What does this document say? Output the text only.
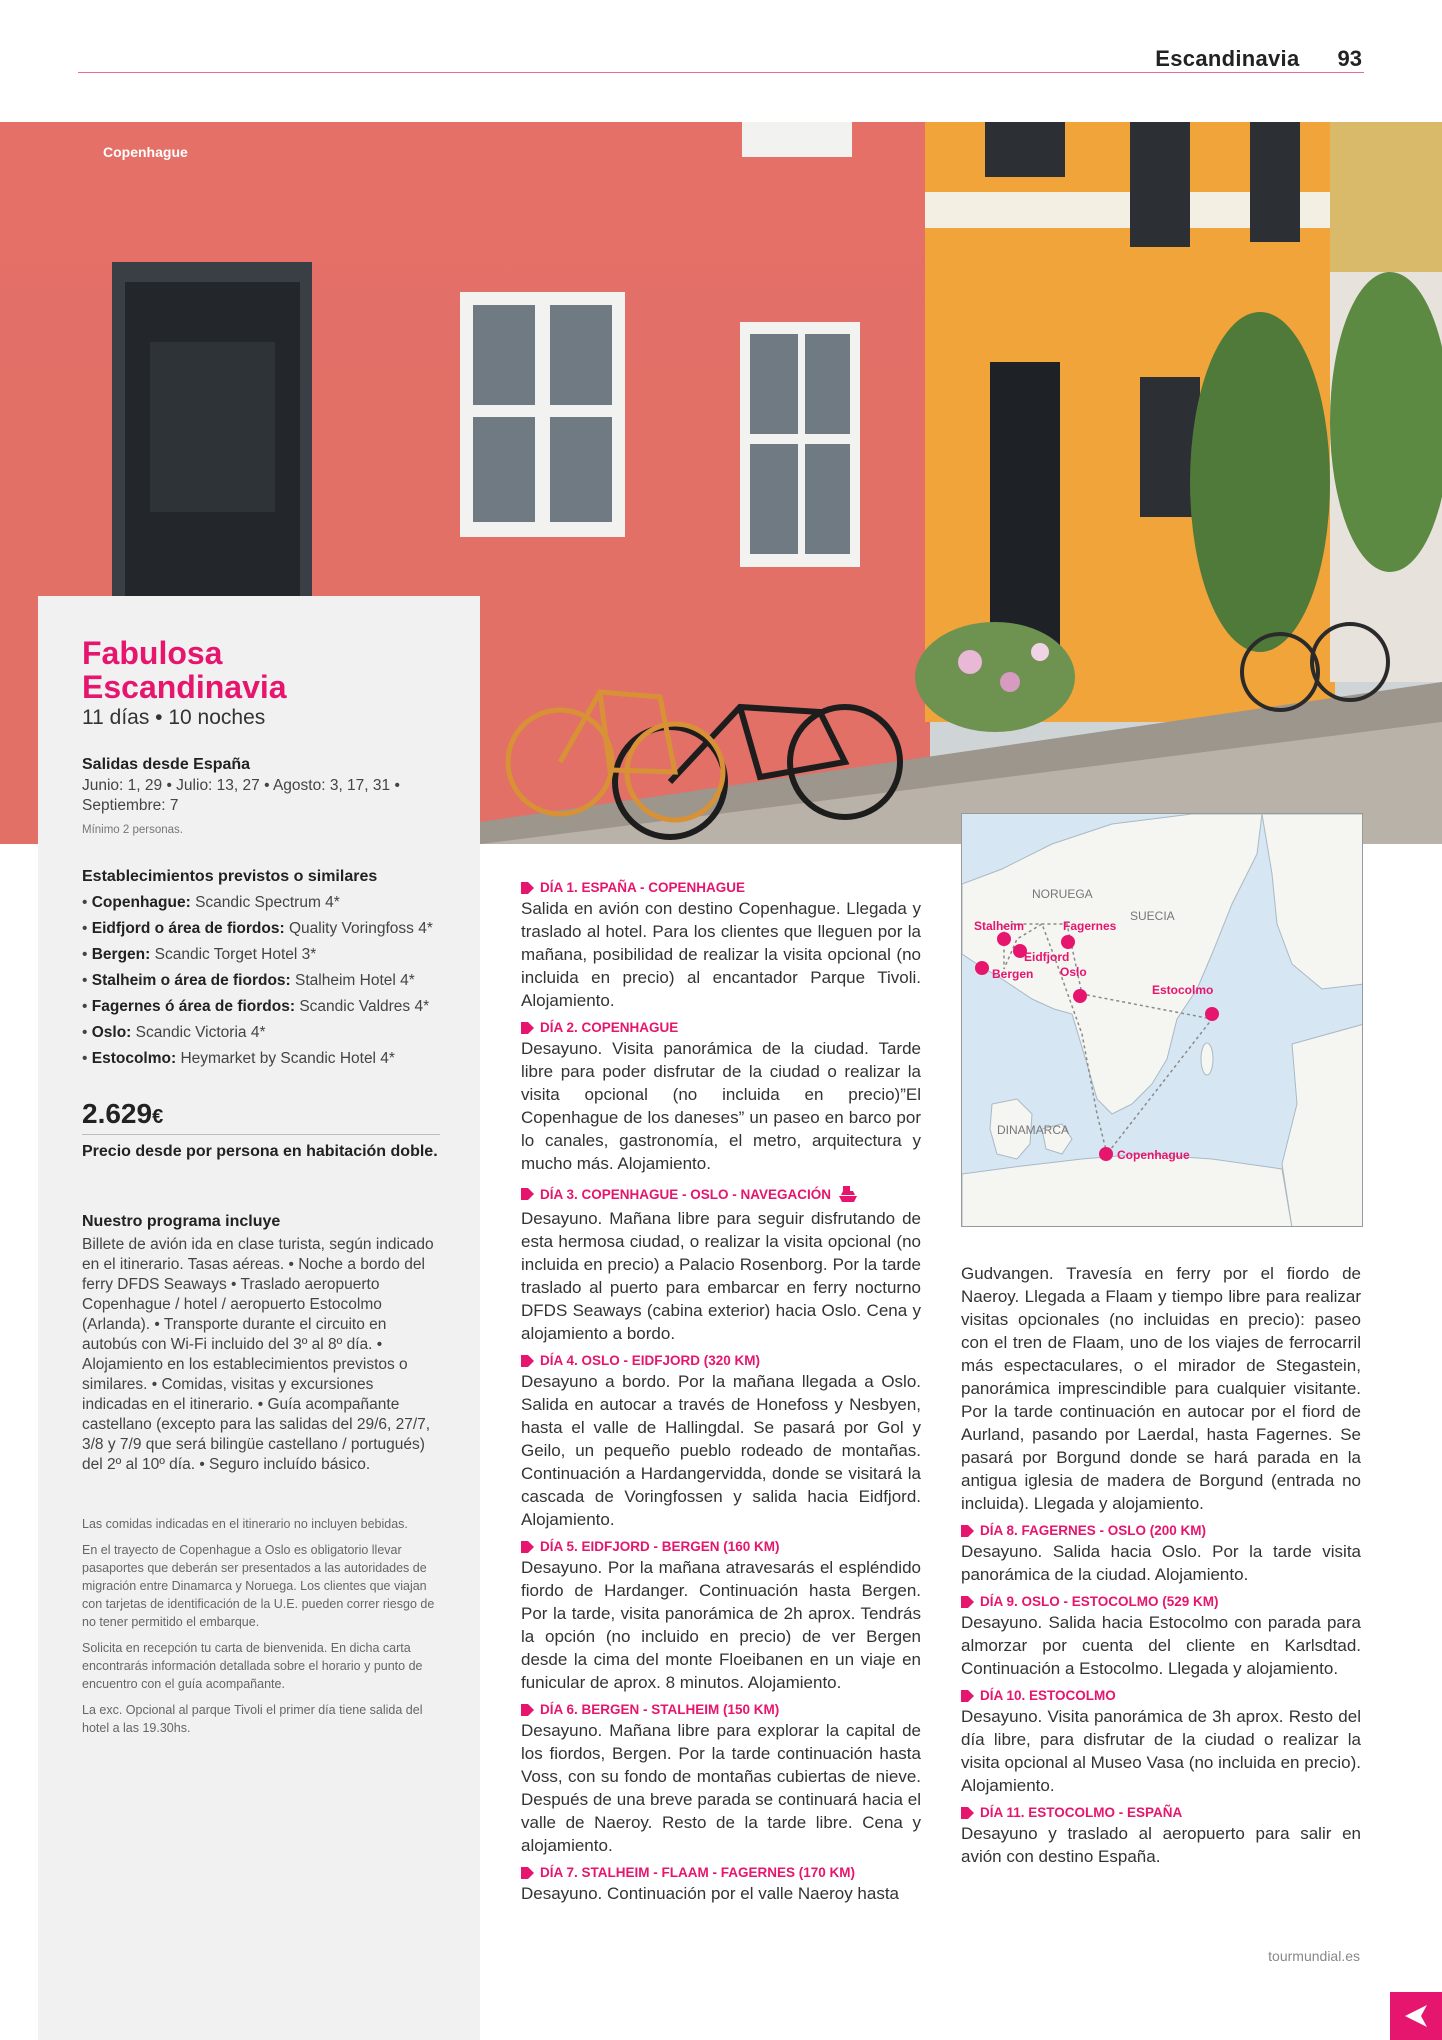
Escandinavia 93
Copenhague
Fabulosa
Escandinavia
11 días • 10 noches
Salidas desde España
Junio: 1, 29 • Julio: 13, 27 • Agosto: 3, 17, 31 • Septiembre: 7
Mínimo 2 personas.
Establecimientos previstos o similares
• Copenhague: Scandic Spectrum 4*
• Eidfjord o área de fiordos: Quality Voringfoss 4*
• Bergen: Scandic Torget Hotel 3*
• Stalheim o área de fiordos: Stalheim Hotel 4*
• Fagernes ó área de fiordos: Scandic Valdres 4*
• Oslo: Scandic Victoria 4*
• Estocolmo: Heymarket by Scandic Hotel 4*
2.629€
Precio desde por persona en habitación doble.
Nuestro programa incluye
Billete de avión ida en clase turista, según indicado en el itinerario. Tasas aéreas. • Noche a bordo del ferry DFDS Seaways • Traslado aeropuerto Copenhague / hotel / aeropuerto Estocolmo (Arlanda). • Transporte durante el circuito en autobús con Wi-Fi incluido del 3º al 8º día. • Alojamiento en los establecimientos previstos o similares. • Comidas, visitas y excursiones indicadas en el itinerario. • Guía acompañante castellano (excepto para las salidas del 29/6, 27/7, 3/8 y 7/9 que será bilingüe castellano / portugués) del 2º al 10º día. • Seguro incluído básico.

Las comidas indicadas en el itinerario no incluyen bebidas.

En el trayecto de Copenhague a Oslo es obligatorio llevar pasaportes que deberán ser presentados a las autoridades de migración entre Dinamarca y Noruega. Los clientes que viajan con tarjetas de identificación de la U.E. pueden correr riesgo de no tener permitido el embarque.

Solicita en recepción tu carta de bienvenida. En dicha carta encontrarás información detallada sobre el horario y punto de encuentro con el guía acompañante.

La exc. Opcional al parque Tivoli el primer día tiene salida del hotel a las 19.30hs.

DÍA 1. ESPAÑA - COPENHAGUE
Salida en avión con destino Copenhague. Llegada y traslado al hotel. Para los clientes que lleguen por la mañana, posibilidad de realizar la visita opcional (no incluida en precio) al encantador Parque Tivoli. Alojamiento.
DÍA 2. COPENHAGUE
Desayuno. Visita panorámica de la ciudad. Tarde libre para poder disfrutar de la ciudad o realizar la visita opcional (no incluida en precio)”El Copenhague de los daneses” un paseo en barco por lo canales, gastronomía, el metro, arquitectura y mucho más. Alojamiento.
DÍA 3. COPENHAGUE - OSLO - NAVEGACIÓN
Desayuno. Mañana libre para seguir disfrutando de esta hermosa ciudad, o realizar la visita opcional (no incluida en precio) a Palacio Rosenborg. Por la tarde traslado al puerto para embarcar en ferry nocturno DFDS Seaways (cabina exterior) hacia Oslo. Cena y alojamiento a bordo.
DÍA 4. OSLO - EIDFJORD (320 KM)
Desayuno a bordo. Por la mañana llegada a Oslo. Salida en autocar a través de Honefoss y Nesbyen, hasta el valle de Hallingdal. Se pasará por Gol y Geilo, un pequeño pueblo rodeado de montañas. Continuación a Hardangervidda, donde se visitará la cascada de Voringfossen y salida hacia Eidfjord. Alojamiento.
DÍA 5. EIDFJORD - BERGEN (160 KM)
Desayuno. Por la mañana atravesarás el espléndido fiordo de Hardanger. Continuación hasta Bergen. Por la tarde, visita panorámica de 2h aprox. Tendrás la opción (no incluido en precio) de ver Bergen desde la cima del monte Floeibanen en un viaje en funicular de aprox. 8 minutos. Alojamiento.
DÍA 6. BERGEN - STALHEIM (150 KM)
Desayuno. Mañana libre para explorar la capital de los fiordos, Bergen. Por la tarde continuación hasta Voss, con su fondo de montañas cubiertas de nieve. Después de una breve parada se continuará hacia el valle de Naeroy. Resto de la tarde libre. Cena y alojamiento.
DÍA 7. STALHEIM - FLAAM - FAGERNES (170 KM)
Desayuno. Continuación por el valle Naeroy hasta
NORUEGA
SUECIA
DINAMARCA
Stalheim	Fagernes
Eidfjord
Bergen Oslo
Estocolmo
Copenhague
Gudvangen. Travesía en ferry por el fiordo de Naeroy. Llegada a Flaam y tiempo libre para realizar visitas opcionales (no incluidas en precio): paseo con el tren de Flaam, uno de los viajes de ferrocarril más espectaculares, o el mirador de Stegastein, panorámica imprescindible para cualquier visitante. Por la tarde continuación en autocar por el fiord de Aurland, pasando por Laerdal, hasta Fagernes. Se pasará por Borgund donde se hará parada en la antigua iglesia de madera de Borgund (entrada no incluida). Llegada y alojamiento.
DÍA 8. FAGERNES - OSLO (200 KM)
Desayuno. Salida hacia Oslo. Por la tarde visita panorámica de la ciudad. Alojamiento.
DÍA 9. OSLO - ESTOCOLMO (529 KM)
Desayuno. Salida hacia Estocolmo con parada para almorzar por cuenta del cliente en Karlsdtad. Continuación a Estocolmo. Llegada y alojamiento.
DÍA 10. ESTOCOLMO
Desayuno. Visita panorámica de 3h aprox. Resto del día libre, para disfrutar de la ciudad o realizar la visita opcional al Museo Vasa (no incluida en precio). Alojamiento.
DÍA 11. ESTOCOLMO - ESPAÑA
Desayuno y traslado al aeropuerto para salir en avión con destino España.
tourmundial.es
